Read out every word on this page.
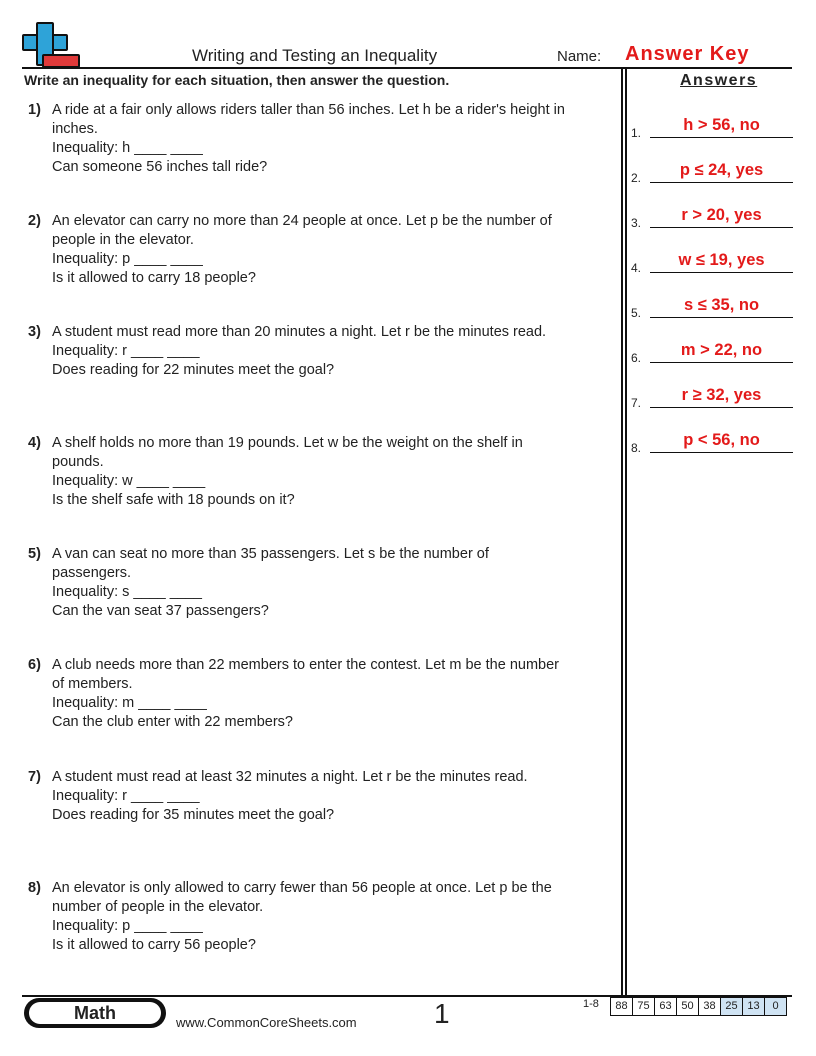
Writing and Testing an Inequality	Name: Answer Key
Write an inequality for each situation, then answer the question.	Answers
1) A ride at a fair only allows riders taller than 56 inches. Let h be a rider's height in
inches.
Inequality: h ____ ____
Can someone 56 inches tall ride?
2) An elevator can carry no more than 24 people at once. Let p be the number of
people in the elevator.
Inequality: p ____ ____
Is it allowed to carry 18 people?
3) A student must read more than 20 minutes a night. Let r be the minutes read.
Inequality: r ____ ____
Does reading for 22 minutes meet the goal?
4) A shelf holds no more than 19 pounds. Let w be the weight on the shelf in
pounds.
Inequality: w ____ ____
Is the shelf safe with 18 pounds on it?
5) A van can seat no more than 35 passengers. Let s be the number of
passengers.
Inequality: s ____ ____
Can the van seat 37 passengers?
6) A club needs more than 22 members to enter the contest. Let m be the number
of members.
Inequality: m ____ ____
Can the club enter with 22 members?
7) A student must read at least 32 minutes a night. Let r be the minutes read.
Inequality: r ____ ____
Does reading for 35 minutes meet the goal?
8) An elevator is only allowed to carry fewer than 56 people at once. Let p be the
number of people in the elevator.
Inequality: p ____ ____
Is it allowed to carry 56 people?
1.	h > 56, no
2.	p ≤ 24, yes
3.	r > 20, yes
4.	w ≤ 19, yes
5.	s ≤ 35, no
6.	m > 22, no
7.	r ≥ 32, yes
8.	p < 56, no
Math	www.CommonCoreSheets.com	1	1-8	88 75 63 50 38 25 13	0
